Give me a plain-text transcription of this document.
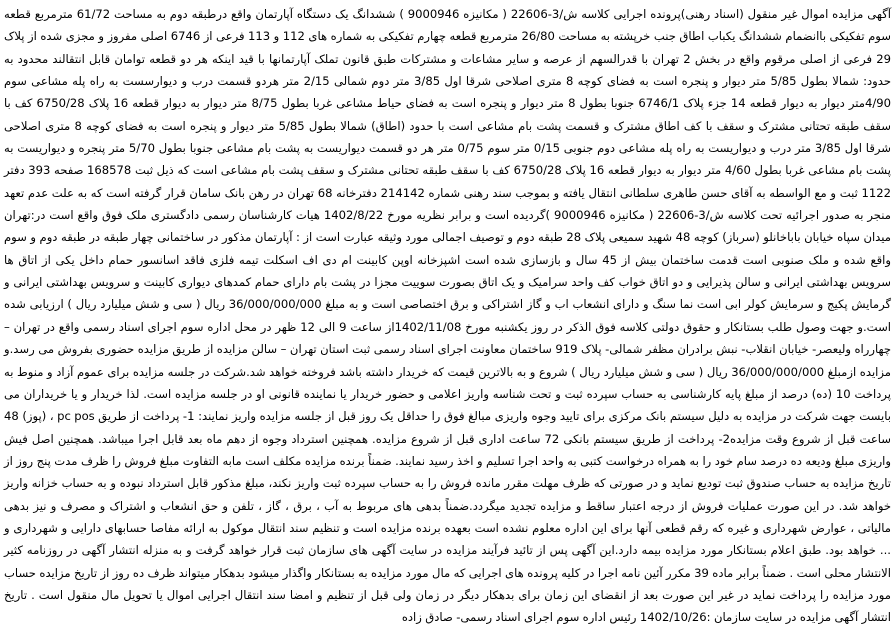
آگهی مزایده اموال غیر منقول (اسناد رهنی)پرونده اجرایی کلاسه ش/3-22606 ( مکانیزه 9000946 ) ششدانگ یک دستگاه آپارتمان واقع درطبقه دوم به مساحت 61/72 مترمربع قطعه سوم تفکیکی باانضمام ششدانگ یکباب اطاق جنب خرپشته به مساحت 26/80 مترمربع قطعه چهارم تفکیکی به شماره های 112 و 113 فرعی از 6746 اصلی مفروز و مجزی شده از پلاک 29 فرعی از اصلی مرقوم واقع در بخش 2 تهران با قدرالسهم از عرصه و سایر مشاعات و مشترکات طبق قانون تملک آپارتمانها با قید اینکه هر دو قطعه توامان قابل انتقالند محدود به حدود: شمالا بطول 5/85 متر دیوار و پنجره است به فضای کوچه 8 متری اصلاحی شرقا اول 3/85 متر دوم شمالی 2/15 متر هردو قسمت درب و دیوارسست به راه پله مشاعی سوم 4/90متر دیوار به دیوار قطعه 14 جزء پلاک 6746/1 جنوبا بطول 8 متر دیوار و پنجره است به فضای حیاط مشاعی غربا بطول 8/75 متر دیوار به دیوار قطعه 16 پلاک 6750/28 کف با سقف طبقه تحتانی مشترک و سقف با کف اطاق مشترک و قسمت پشت بام مشاعی است با حدود (اطاق) شمالا بطول 5/85 متر دیوار و پنجره است به فضای کوچه 8 متری اصلاحی شرقا اول 3/85 متر درب و دیواریست به راه پله مشاعی دوم جنوبی 0/15 متر سوم 0/75 متر هر دو قسمت دیواریست به پشت بام مشاعی جنوبا بطول 5/70 متر پنجره و دیواریست به پشت بام مشاعی غربا بطول 4/60 متر دیوار به دیوار قطعه 16 پلاک 6750/28 کف با سقف طبقه تحتانی مشترک و سقف پشت بام مشاعی است که ذیل ثبت 168578 صفحه 393 دفتر 1122 ثبت و مع الواسطه به آقای حسن طاهری سلطانی انتقال یافته و بموجب سند رهنی شماره 214142 دفترخانه 68 تهران در رهن بانک سامان قرار گرفته است که به علت عدم تعهد منجر به صدور اجرائیه تحت کلاسه ش/3-22606 ( مکانیزه 9000946 )گردیده است و برابر نظریه مورخ 1402/8/22 هیات کارشناسان رسمی دادگستری ملک فوق واقع است در:تهران میدان سپاه خیابان باباخانلو (سرباز) کوچه 48 شهید سمیعی پلاک 28 طبقه دوم و توصیف اجمالی مورد وثیقه عبارت است از : آپارتمان مذکور در ساختمانی چهار طبقه در طبقه دوم و سوم واقع شده و ملک صنوبی است قدمت ساختمان بیش از 45 سال و بازسازی شده است اشپزخانه اوپن کابینت ام دی اف اسکلت تیمه فلزی فاقد اسانسور حمام داخل یکی از اتاق ها سرویس بهداشتی ایرانی و سالن پذیرایی و دو اتاق خواب کف واحد سرامیک و یک اتاق بصورت سوییت مجزا در پشت بام دارای حمام کمدهای دیواری کابینت و سرویس بهداشتی ایرانی و گرمایش پکیج و سرمایش کولر ابی است نما سنگ و دارای انشعاب اب و گاز اشتراکی و برق اختصاصی است و به مبلغ 36/000/000/000 ریال ( سی و شش میلیارد ریال ) ارزیابی شده است.و جهت وصول طلب بستانکار و حقوق دولتی کلاسه فوق الذکر در روز یکشنبه مورخ 1402/11/08از ساعت 9 الی 12 ظهر در محل اداره سوم اجرای اسناد رسمی واقع در تهران – چهارراه ولیعصر- خیابان انقلاب- نبش برادران مظفر شمالی- پلاک 919 ساختمان معاونت اجرای اسناد رسمی ثبت استان تهران – سالن مزایده از طریق مزایده حضوری بفروش می رسد.و مزایده ازمبلغ 36/000/000/000 ریال ( سی و شش میلیارد ریال ) شروع و به بالاترین قیمت که خریدار داشته باشد فروخته خواهد شد.شرکت در جلسه مزایده برای عموم آزاد و منوط به پرداخت 10 (ده) درصد از مبلغ پایه کارشناسی به حساب سپرده ثبت و تحت شناسه واریز اعلامی و حضور خریدار یا نماینده قانونی او در جلسه مزایده است. لذا خریدار و یا خریداران می بایست جهت شرکت در مزایده به دلیل سیستم بانک مرکزی برای تایید وجوه واریزی مبالغ فوق را حداقل یک روز قبل از جلسه مزایده واریز نمایند: 1- پرداخت از طریق pc pos ، (پوز) 48 ساعت قبل از شروع وقت مزایده2- پرداخت از طریق سیستم بانکی 72 ساعت اداری قبل از شروع مزایده. همچنین استرداد وجوه از دهم ماه بعد قابل اجرا میباشد. همچنین اصل فیش واریزی مبلغ ودیعه ده درصد سام خود را به همراه درخواست کتبی به واحد اجرا تسلیم و اخذ رسید نمایند. ضمناً برنده مزایده مکلف است مابه التفاوت مبلغ فروش را ظرف مدت پنج روز از تاریخ مزایده به حساب صندوق ثبت تودیع نماید و در صورتی که ظرف مهلت مقرر مانده فروش را به حساب سپرده ثبت واریز نکند، مبلغ مذکور قابل استرداد نبوده و به حساب خزانه واریز خواهد شد. در این صورت عملیات فروش از درجه اعتبار ساقط و مزایده تجدید میگردد.ضمناً بدهی های مربوط به آب ، برق ، گاز ، تلفن و حق انشعاب و اشتراک و مصرف و نیز بدهی مالیاتی ، عوارض شهرداری و غیره که رقم قطعی آنها برای این اداره معلوم نشده است بعهده برنده مزایده است و تنظیم سند انتقال موکول به ارائه مفاصا حسابهای دارایی و شهرداری و ... خواهد بود. طبق اعلام بستانکار مورد مزایده بیمه دارد.این آگهی پس از تائید فرآیند مزایده در سایت آگهی های سازمان ثبت قرار خواهد گرفت و به منزله انتشار آگهی در روزنامه کثیر الانتشار محلی است . ضمناً برابر ماده 39 مکرر آئین نامه اجرا در کلیه پرونده های اجرایی که مال مورد مزایده به بستانکار واگذار میشود بدهکار میتواند ظرف ده روز از تاریخ مزایده حساب مورد مزایده را پرداخت نماید در غیر این صورت بعد از انقضای این زمان برای بدهکار دیگر در زمان ولی قبل از تنظیم و امضا سند انتقال اجرایی اموال یا تحویل مال منقول است . تاریخ انتشار آگهی مزایده در سایت سازمان :1402/10/26 رئیس اداره سوم اجرای اسناد رسمی- صادق زاده
